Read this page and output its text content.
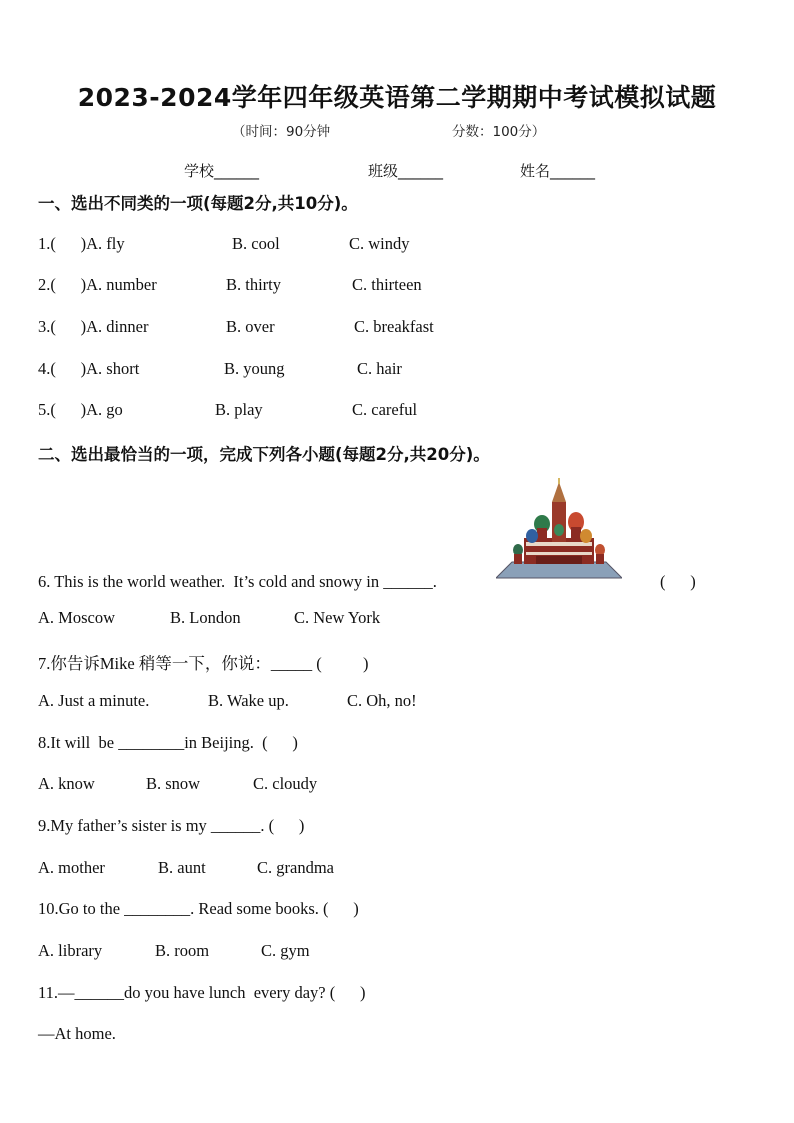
2023-2024学年四年级英语第二学期期中考试模拟试题
（时间：90分钟	分数：100分）
学校______	班级______	姓名______
一、选出不同类的一项(每题2分,共10分)。
1.(      )A. fly	B. cool	C. windy
2.(      )A. number	B. thirty	C. thirteen
3.(      )A. dinner	B. over	C. breakfast
4.(      )A. short	B. young	C. hair
5.(      )A. go	B. play	C. careful
二、选出最恰当的一项，完成下列各小题(每题2分,共20分)。
6. This is the world weather.  It’s cold and snowy in ______.	(      )
A. Moscow	B. London	C. New York
7.你告诉Mike 稍等一下，你说：_____ (          )
A. Just a minute.	B. Wake up.	C. Oh, no!
8.It will  be ________in Beijing.  (      )
A. know	B. snow	C. cloudy
9.My father’s sister is my ______. (      )
A. mother	B. aunt	C. grandma
10.Go to the ________. Read some books. (      )
A. library	B. room	C. gym
11.—______do you have lunch  every day? (      )
—At home.
